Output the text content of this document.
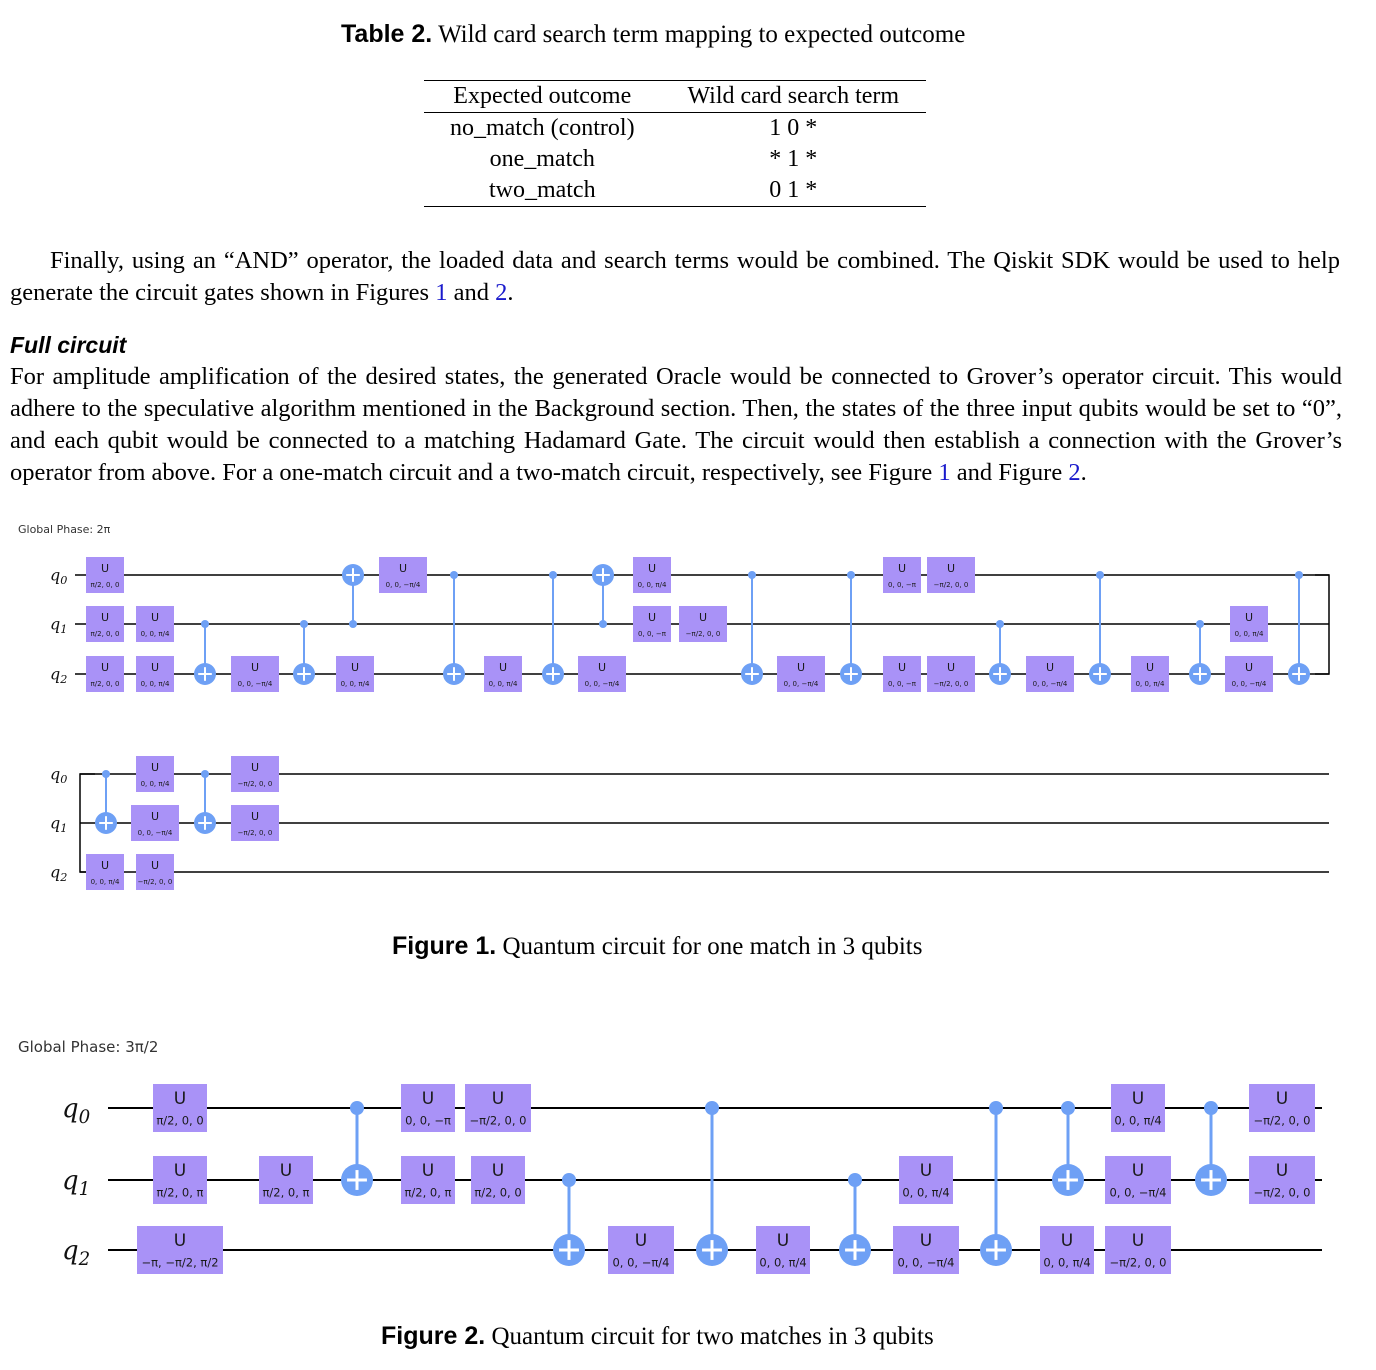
Table 2. Wild card search term mapping to expected outcome
Expected outcome	Wild card search term
no_match (control)	1 0 *
one_match	* 1 *
two_match	0 1 *
Finally, using an “AND” operator, the loaded data and search terms would be combined. The Qiskit SDK would be used to help generate the circuit gates shown in Figures 1 and 2.
Full circuit
For amplitude amplification of the desired states, the generated Oracle would be connected to Grover’s operator circuit. This would adhere to the speculative algorithm mentioned in the Background section. Then, the states of the three input qubits would be set to “0”, and each qubit would be connected to a matching Hadamard Gate. The circuit would then establish a connection with the Grover’s operator from above. For a one-match circuit and a two-match circuit, respectively, see Figure 1 and Figure 2.
Global Phase: 2π
$q_0$
$q_1$
$q_2$
U
π/2, 0, 0
U
π/2, 0, 0
U
0, 0, π/4
U
π/2, 0, 0
U
0, 0, π/4
U
0, 0, −π/4
U
0, 0, −π/4
U
0, 0, π/4
U
0, 0, π/4
U
0, 0, π/4
U
0, 0, −π
U
−π/2, 0, 0
U
0, 0, −π/4
U
0, 0, −π/4
U
0, 0, −π
U
−π/2, 0, 0
U
0, 0, −π
U
−π/2, 0, 0
U
0, 0, −π/4
U
0, 0, π/4
U
0, 0, π/4
U
0, 0, −π/4
$q_0$
$q_1$
$q_2$
U
0, 0, π/4
U
0, 0, −π/4
U
0, 0, π/4
U
−π/2, 0, 0
U
−π/2, 0, 0
U
−π/2, 0, 0
$q_0$
$q_1$
$q_2$
U
π/2, 0, 0
U
π/2, 0, π
U
−π, −π/2, π/2
U
π/2, 0, π
U
0, 0, −π
U
−π/2, 0, 0
U
π/2, 0, π
U
π/2, 0, 0
U
0, 0, −π/4
U
0, 0, π/4
U
0, 0, π/4
U
0, 0, −π/4
U
0, 0, π/4
U
0, 0, π/4
U
0, 0, −π/4
U
−π/2, 0, 0
U
−π/2, 0, 0
U
−π/2, 0, 0
Figure 1. Quantum circuit for one match in 3 qubits
Global Phase: 3π/2
Figure 2. Quantum circuit for two matches in 3 qubits
